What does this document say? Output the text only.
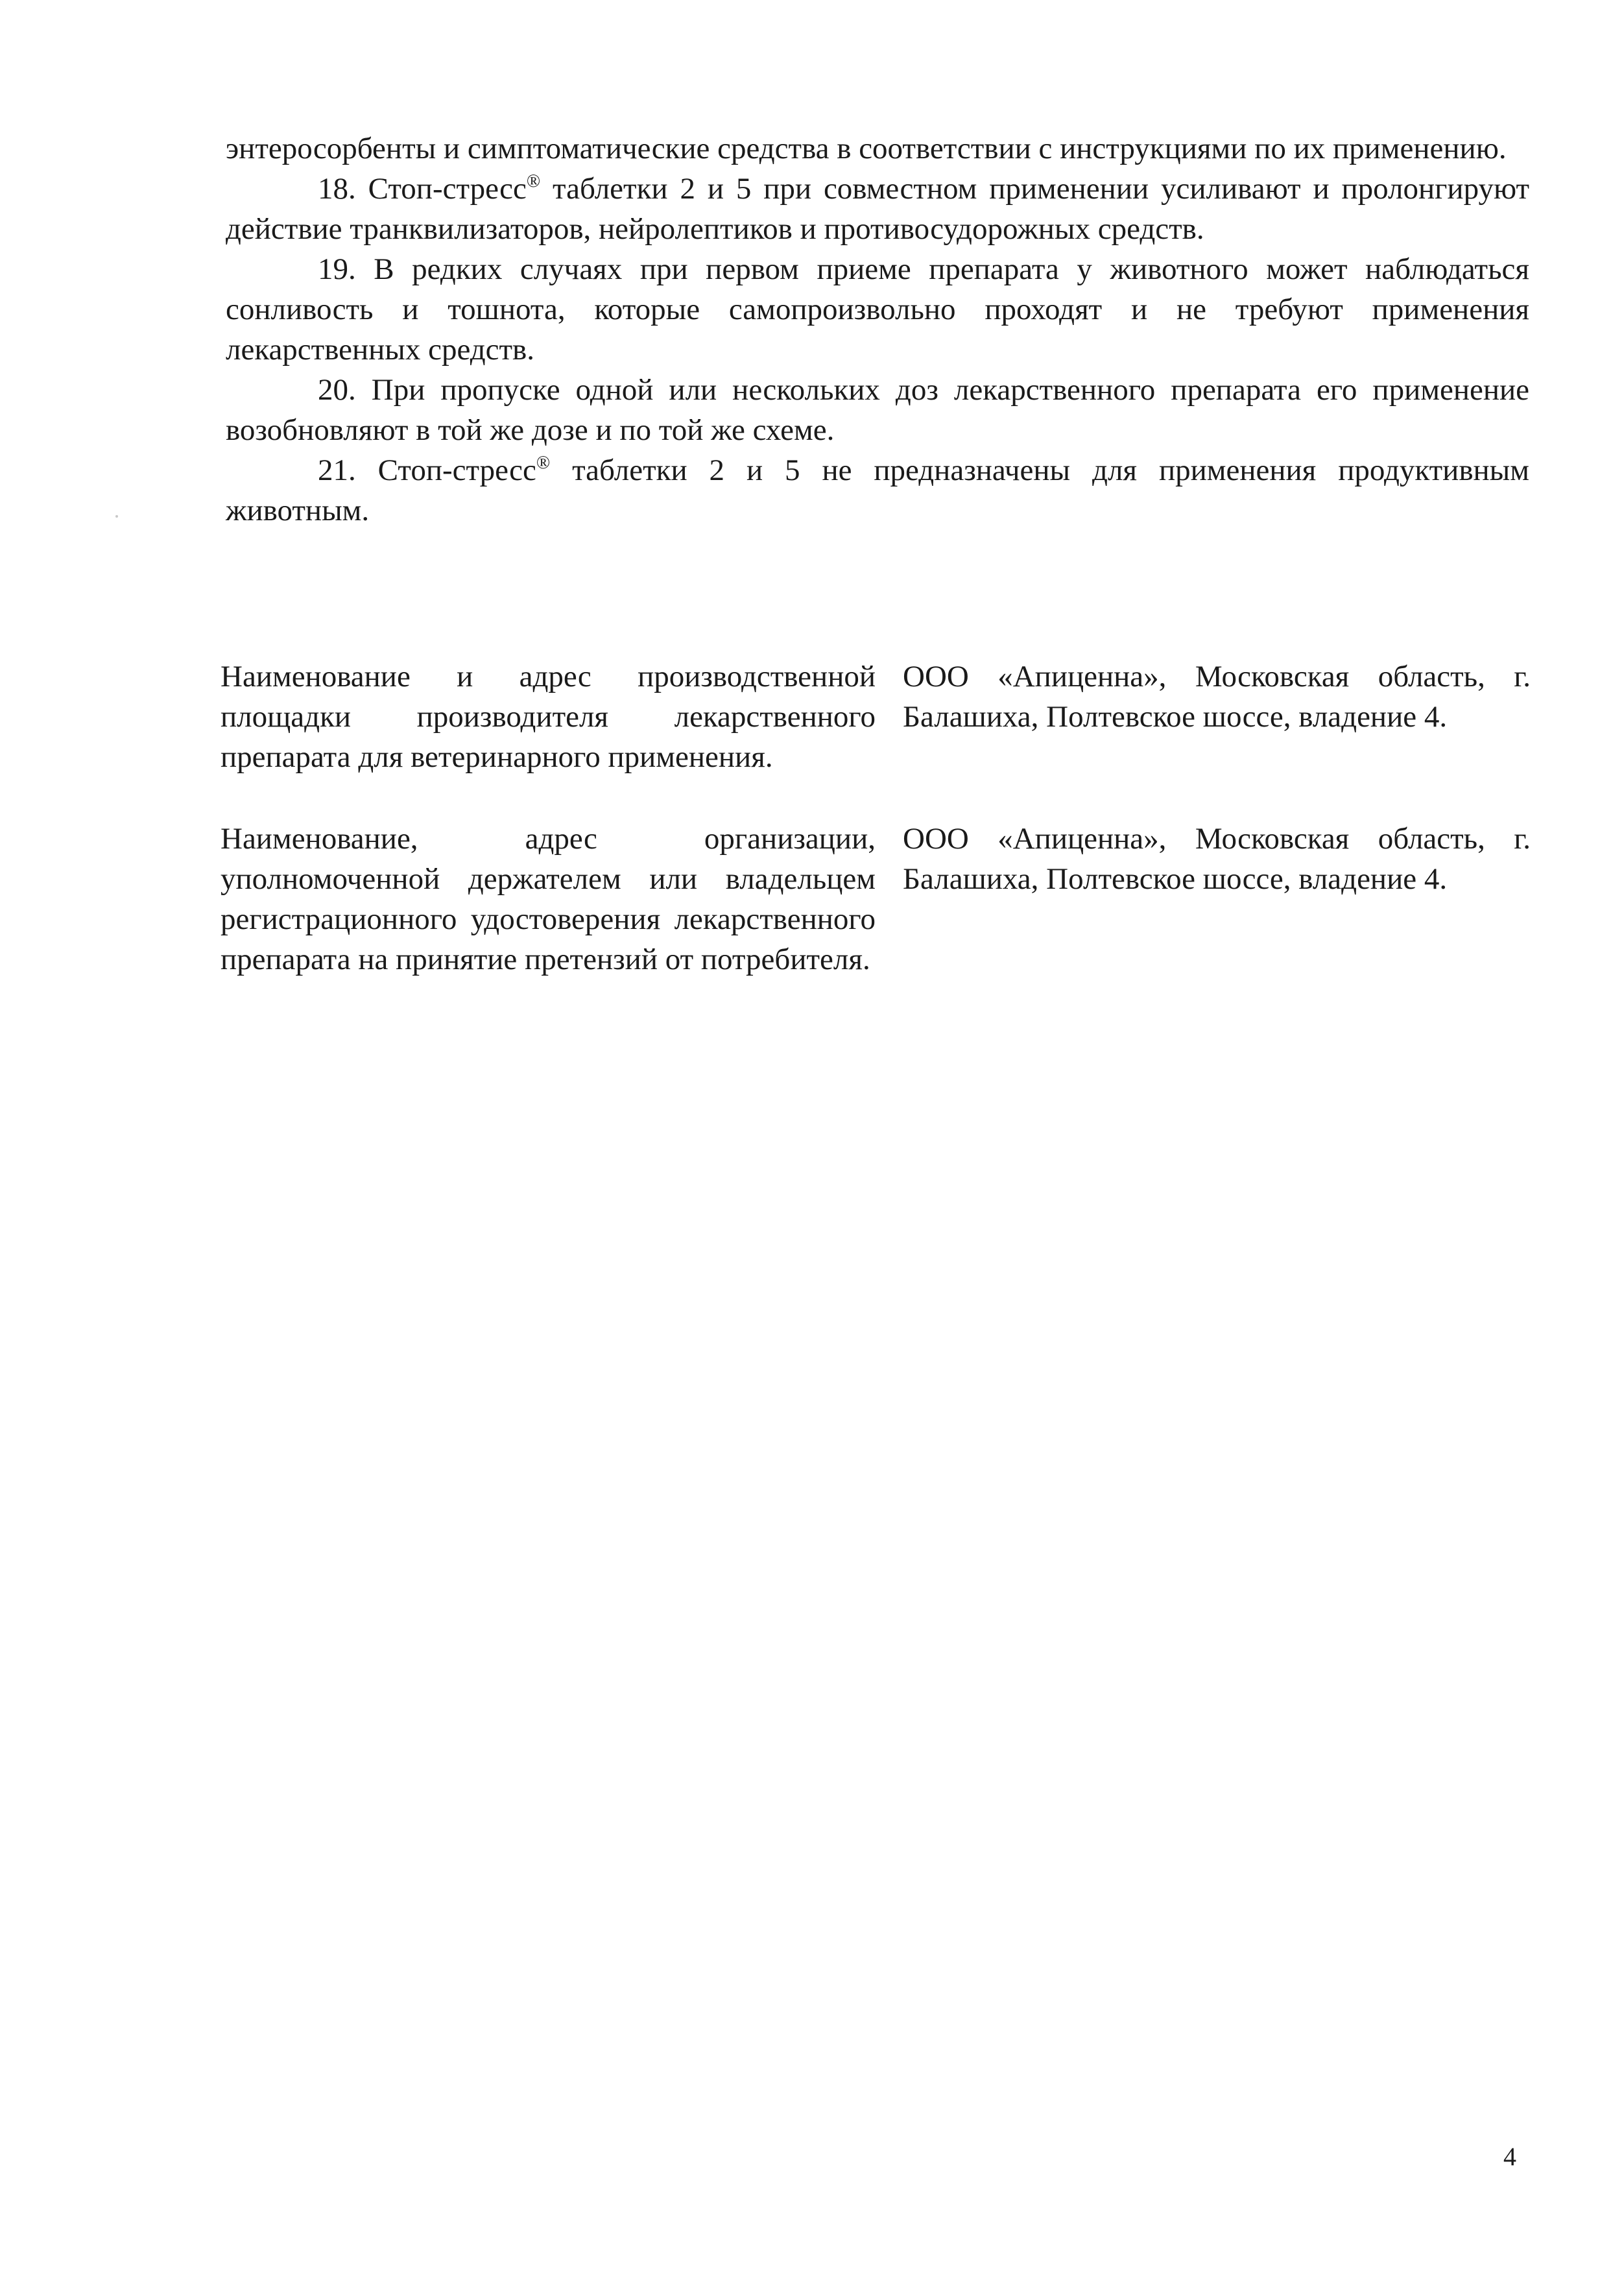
энтеросорбенты и симптоматические средства в соответствии с инструкциями по их применению.

18. Стоп-стресс® таблетки 2 и 5 при совместном применении усиливают и пролонгируют действие транквилизаторов, нейролептиков и противосудорожных средств.

19. В редких случаях при первом приеме препарата у животного может наблюдаться сонливость и тошнота, которые самопроизвольно проходят и не требуют применения лекарственных средств.

20. При пропуске одной или нескольких доз лекарственного препарата его применение возобновляют в той же дозе и по той же схеме.

21. Стоп-стресс® таблетки 2 и 5 не предназначены для применения продуктивным животным.

Наименование и адрес производственной площадки производителя лекарственного препарата для ветеринарного применения.
ООО «Апиценна», Московская область, г. Балашиха, Полтевское шоссе, владение 4.
Наименование, адрес организации, уполномоченной держателем или владельцем регистрационного удостоверения лекарственного препарата на принятие претензий от потребителя.
ООО «Апиценна», Московская область, г. Балашиха, Полтевское шоссе, владение 4.
4
